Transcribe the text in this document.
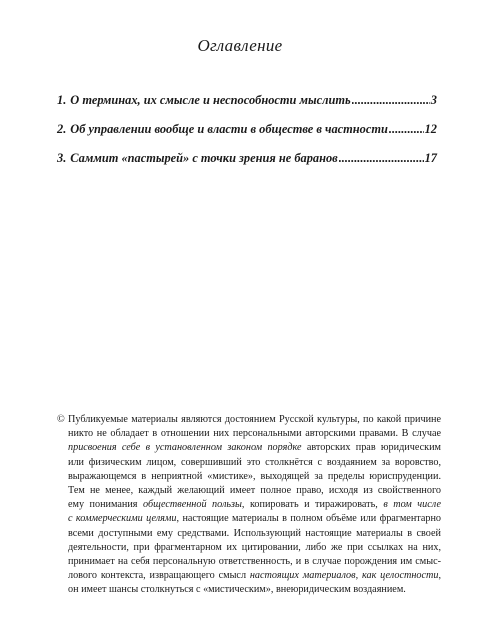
Оглавление
1. О терминах, их смысле и неспособности мыслить .....	3
2. Об управлении вообще и власти в обществе в частности .....	12
3. Саммит «пастырей» с точки зрения не баранов .....	17
© Публикуемые материалы являются достоянием Русской культуры, по какой причине
никто не обладает в отношении них персональными авторскими правами. В случае
присвоения себе в установленном законом порядке авторских прав юридическим
или физическим лицом, совершивший это столкнётся с воздаянием за воровство,
выражающемся в неприятной «мистике», выходящей за пределы юриспруденции.
Тем не менее, каждый желающий имеет полное право, исходя из свойственного
ему понимания общественной пользы, копировать и тиражировать, в том числе
с коммерческими целями, настоящие материалы в полном объёме или фрагментарно
всеми доступными ему средствами. Использующий настоящие материалы в своей
деятельности, при фрагментарном их цитировании, либо же при ссылках на них,
принимает на себя персональную ответственность, и в случае порождения им смыс-
лового контекста, извращающего смысл настоящих материалов, как целостности,
он имеет шансы столкнуться с «мистическим», внеюридическим воздаянием.
